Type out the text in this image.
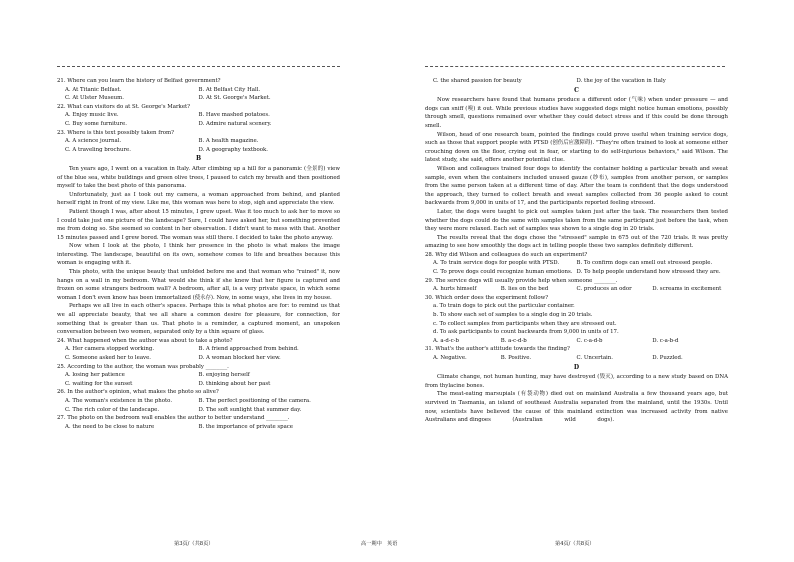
21. Where can you learn the history of Belfast government?

A. At Titanic Belfast.	B. At Belfast City Hall.
C. At Ulster Museum.	D. At St. George's Market.

22. What can visitors do at St. George's Market?

A. Enjoy music live.	B. Have mashed potatoes.
C. Buy some furniture.	D. Admire natural scenery.

23. Where is this text possibly taken from?

A. A science journal.	B. A health magazine.
C. A traveling brochure.	D. A geography textbook.
B

Ten years ago, I went on a vacation in Italy. After climbing up a hill for a panoramic (全景的) view of the blue sea, white buildings and green olive trees, I paused to catch my breath and then positioned myself to take the best photo of this panorama.

Unfortunately, just as I took out my camera, a woman approached from behind, and planted herself right in front of my view. Like me, this woman was here to stop, sigh and appreciate the view.

Patient though I was, after about 15 minutes, I grew upset. Was it too much to ask her to move so I could take just one picture of the landscape? Sure, I could have asked her, but something prevented me from doing so. She seemed so content in her observation. I didn't want to mess with that. Another 15 minutes passed and I grew bored. The woman was still there. I decided to take the photo anyway.

Now when I look at the photo, I think her presence in the photo is what makes the image interesting. The landscape, beautiful on its own, somehow comes to life and breathes because this woman is engaging with it.

This photo, with the unique beauty that unfolded before me and that woman who "ruined" it, now hangs on a wall in my bedroom. What would she think if she knew that her figure is captured and frozen on some strangers bedroom wall? A bedroom, after all, is a very private space, in which some woman I don't even know has been immortalized (使永存). Now, in some ways, she lives in my house.

Perhaps we all live in each other's spaces. Perhaps this is what photos are for: to remind us that we all appreciate beauty, that we all share a common desire for pleasure, for connection, for something that is greater than us. That photo is a reminder, a captured moment, an unspoken conversation between two women, separated only by a thin square of glass.

24. What happened when the author was about to take a photo?

A. Her camera stopped working.	B. A friend approached from behind.
C. Someone asked her to leave.	D. A woman blocked her view.

25. According to the author, the woman was probably ________.

A. losing her patience	B. enjoying herself
C. waiting for the sunset	D. thinking about her past

26. In the author's opinion, what makes the photo so alive?

A. The woman's existence in the photo.	B. The perfect positioning of the camera.
C. The rich color of the landscape.	D. The soft sunlight that summer day.

27. The photo on the bedroom wall enables the author to better understand ________.

A. the need to be close to nature	B. the importance of private space
第3页/（共8页）	高一期中　英语
C. the shared passion for beauty	D. the joy of the vacation in Italy
C

Now researchers have found that humans produce a different odor (气味) when under pressure — and dogs can sniff (嗅) it out. While previous studies have suggested dogs might notice human emotions, possibly through smell, questions remained over whether they could detect stress and if this could be done through smell.

Wilson, head of one research team, pointed the findings could prove useful when training service dogs, such as those that support people with PTSD (创伤后应激障碍). "They're often trained to look at someone either crouching down on the floor, crying out in fear, or starting to do self-injurious behaviors," said Wilson. The latest study, she said, offers another potential clue.

Wilson and colleagues trained four dogs to identify the container holding a particular breath and sweat sample, even when the containers included unused gauze (纱布), samples from another person, or samples from the same person taken at a different time of day. After the team is confident that the dogs understood the approach, they turned to collect breath and sweat samples collected from 36 people asked to count backwards from 9,000 in units of 17, and the participants reported feeling stressed.

Later, the dogs were taught to pick out samples taken just after the task. The researchers then tested whether the dogs could do the same with samples taken from the same participant just before the task, when they were more relaxed. Each set of samples was shown to a single dog in 20 trials.

The results reveal that the dogs chose the "stressed" sample in 675 out of the 720 trials. It was pretty amazing to see how smoothly the dogs act in telling people these two samples definitely different.

28. Why did Wilson and colleagues do such an experiment?

A. To train service dogs for people with PTSD.	B. To confirm dogs can smell out stressed people.
C. To prove dogs could recognize human emotions. D. To help people understand how stressed they are.

29. The service dogs will usually provide help when someone ________.

A. hurts himself	B. lies on the bed	C. produces an odor	D. screams in excitement

30. Which order does the experiment follow?

a. To train dogs to pick out the particular container.

b. To show each set of samples to a single dog in 20 trials.

c. To collect samples from participants when they are stressed out.

d. To ask participants to count backwards from 9,000 in units of 17.

A. a-d-c-b	B. a-c-d-b	C. c-a-d-b	D. c-a-b-d

31. What's the author's attitude towards the finding?

A. Negative.	B. Positive.	C. Uncertain.	D. Puzzled.
D

Climate change, not human hunting, may have destroyed (毁灭), according to a new study based on DNA from thylacine bones.

The meat-eating marsupials (有袋动物) died out on mainland Australia a few thousand years ago, but survived in Tasmania, an island of southeast Australia separated from the mainland, until the 1930s. Until now, scientists have believed the cause of this mainland extinction was increased activity from native Australians and dingoes　　　　(Australian　　　　wild　　　　dogs).

第4页/（共8页）
